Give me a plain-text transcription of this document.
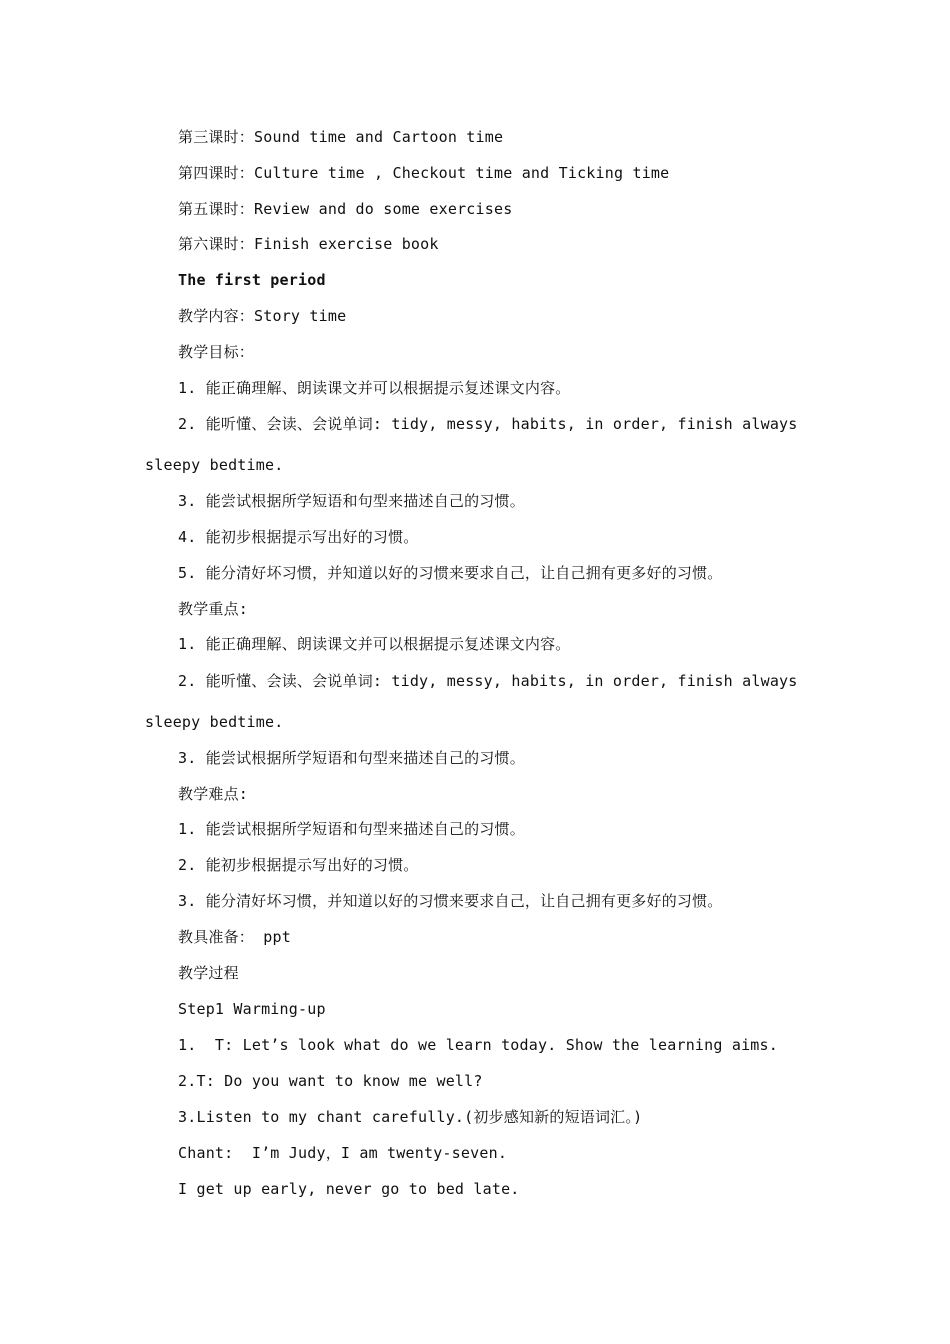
第三课时：Sound time and Cartoon time
第四课时：Culture time , Checkout time and Ticking time
第五课时：Review and do some exercises
第六课时：Finish exercise book
The first period
教学内容：Story time
教学目标：
1. 能正确理解、朗读课文并可以根据提示复述课文内容。
2. 能听懂、会读、会说单词: tidy, messy, habits, in order, finish always
sleepy bedtime.
3. 能尝试根据所学短语和句型来描述自己的习惯。
4. 能初步根据提示写出好的习惯。
5. 能分清好坏习惯，并知道以好的习惯来要求自己，让自己拥有更多好的习惯。
教学重点:
1. 能正确理解、朗读课文并可以根据提示复述课文内容。
2. 能听懂、会读、会说单词: tidy, messy, habits, in order, finish always
sleepy bedtime.
3. 能尝试根据所学短语和句型来描述自己的习惯。
教学难点:
1. 能尝试根据所学短语和句型来描述自己的习惯。
2. 能初步根据提示写出好的习惯。
3. 能分清好坏习惯，并知道以好的习惯来要求自己，让自己拥有更多好的习惯。
教具准备： ppt
教学过程
Step1 Warming-up
1.  T: Let’s look what do we learn today. Show the learning aims.
2.T: Do you want to know me well?
3.Listen to my chant carefully.(初步感知新的短语词汇。)
Chant:  I’m Judy，I am twenty-seven.
I get up early, never go to bed late.
